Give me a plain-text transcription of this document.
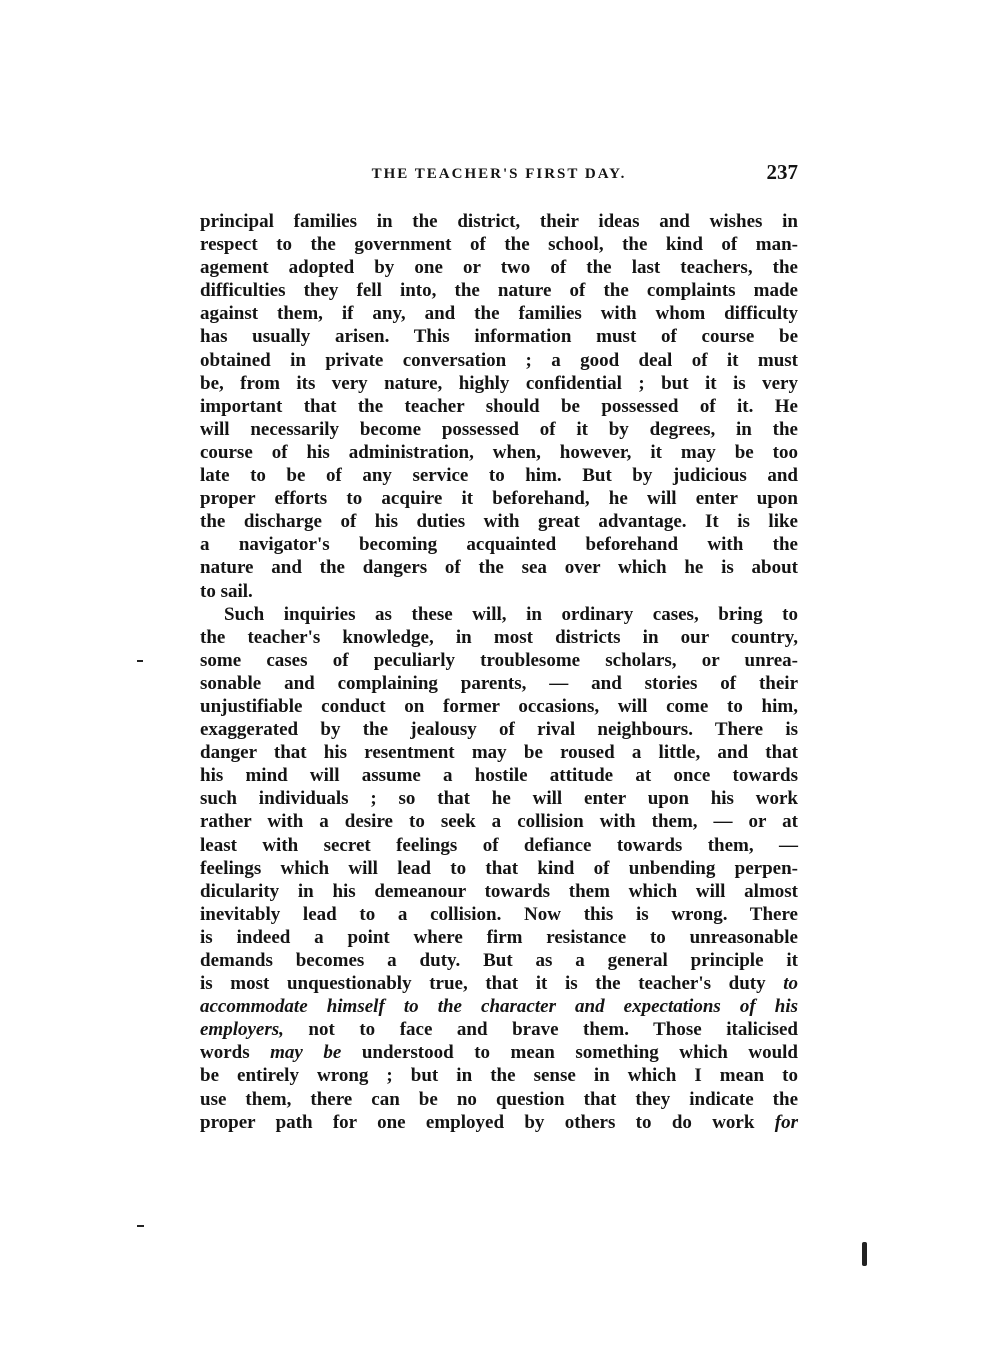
THE TEACHER'S FIRST DAY.	237
principal families in the district, their ideas and wishes in
respect to the government of the school, the kind of man-
agement adopted by one or two of the last teachers, the
difficulties they fell into, the nature of the complaints made
against them, if any, and the families with whom difficulty
has usually arisen. This information must of course be
obtained in private conversation ; a good deal of it must
be, from its very nature, highly confidential ; but it is very
important that the teacher should be possessed of it. He
will necessarily become possessed of it by degrees, in the
course of his administration, when, however, it may be too
late to be of any service to him. But by judicious and
proper efforts to acquire it beforehand, he will enter upon
the discharge of his duties with great advantage. It is like
a navigator's becoming acquainted beforehand with the
nature and the dangers of the sea over which he is about
to sail.
Such inquiries as these will, in ordinary cases, bring to
the teacher's knowledge, in most districts in our country,
some cases of peculiarly troublesome scholars, or unrea-
sonable and complaining parents, — and stories of their
unjustifiable conduct on former occasions, will come to him,
exaggerated by the jealousy of rival neighbours. There is
danger that his resentment may be roused a little, and that
his mind will assume a hostile attitude at once towards
such individuals ; so that he will enter upon his work
rather with a desire to seek a collision with them, — or at
least with secret feelings of defiance towards them, —
feelings which will lead to that kind of unbending perpen-
dicularity in his demeanour towards them which will almost
inevitably lead to a collision. Now this is wrong. There
is indeed a point where firm resistance to unreasonable
demands becomes a duty. But as a general principle it
is most unquestionably true, that it is the teacher's duty to
accommodate himself to the character and expectations of his
employers, not to face and brave them. Those italicised
words may be understood to mean something which would
be entirely wrong ; but in the sense in which I mean to
use them, there can be no question that they indicate the
proper path for one employed by others to do work for
